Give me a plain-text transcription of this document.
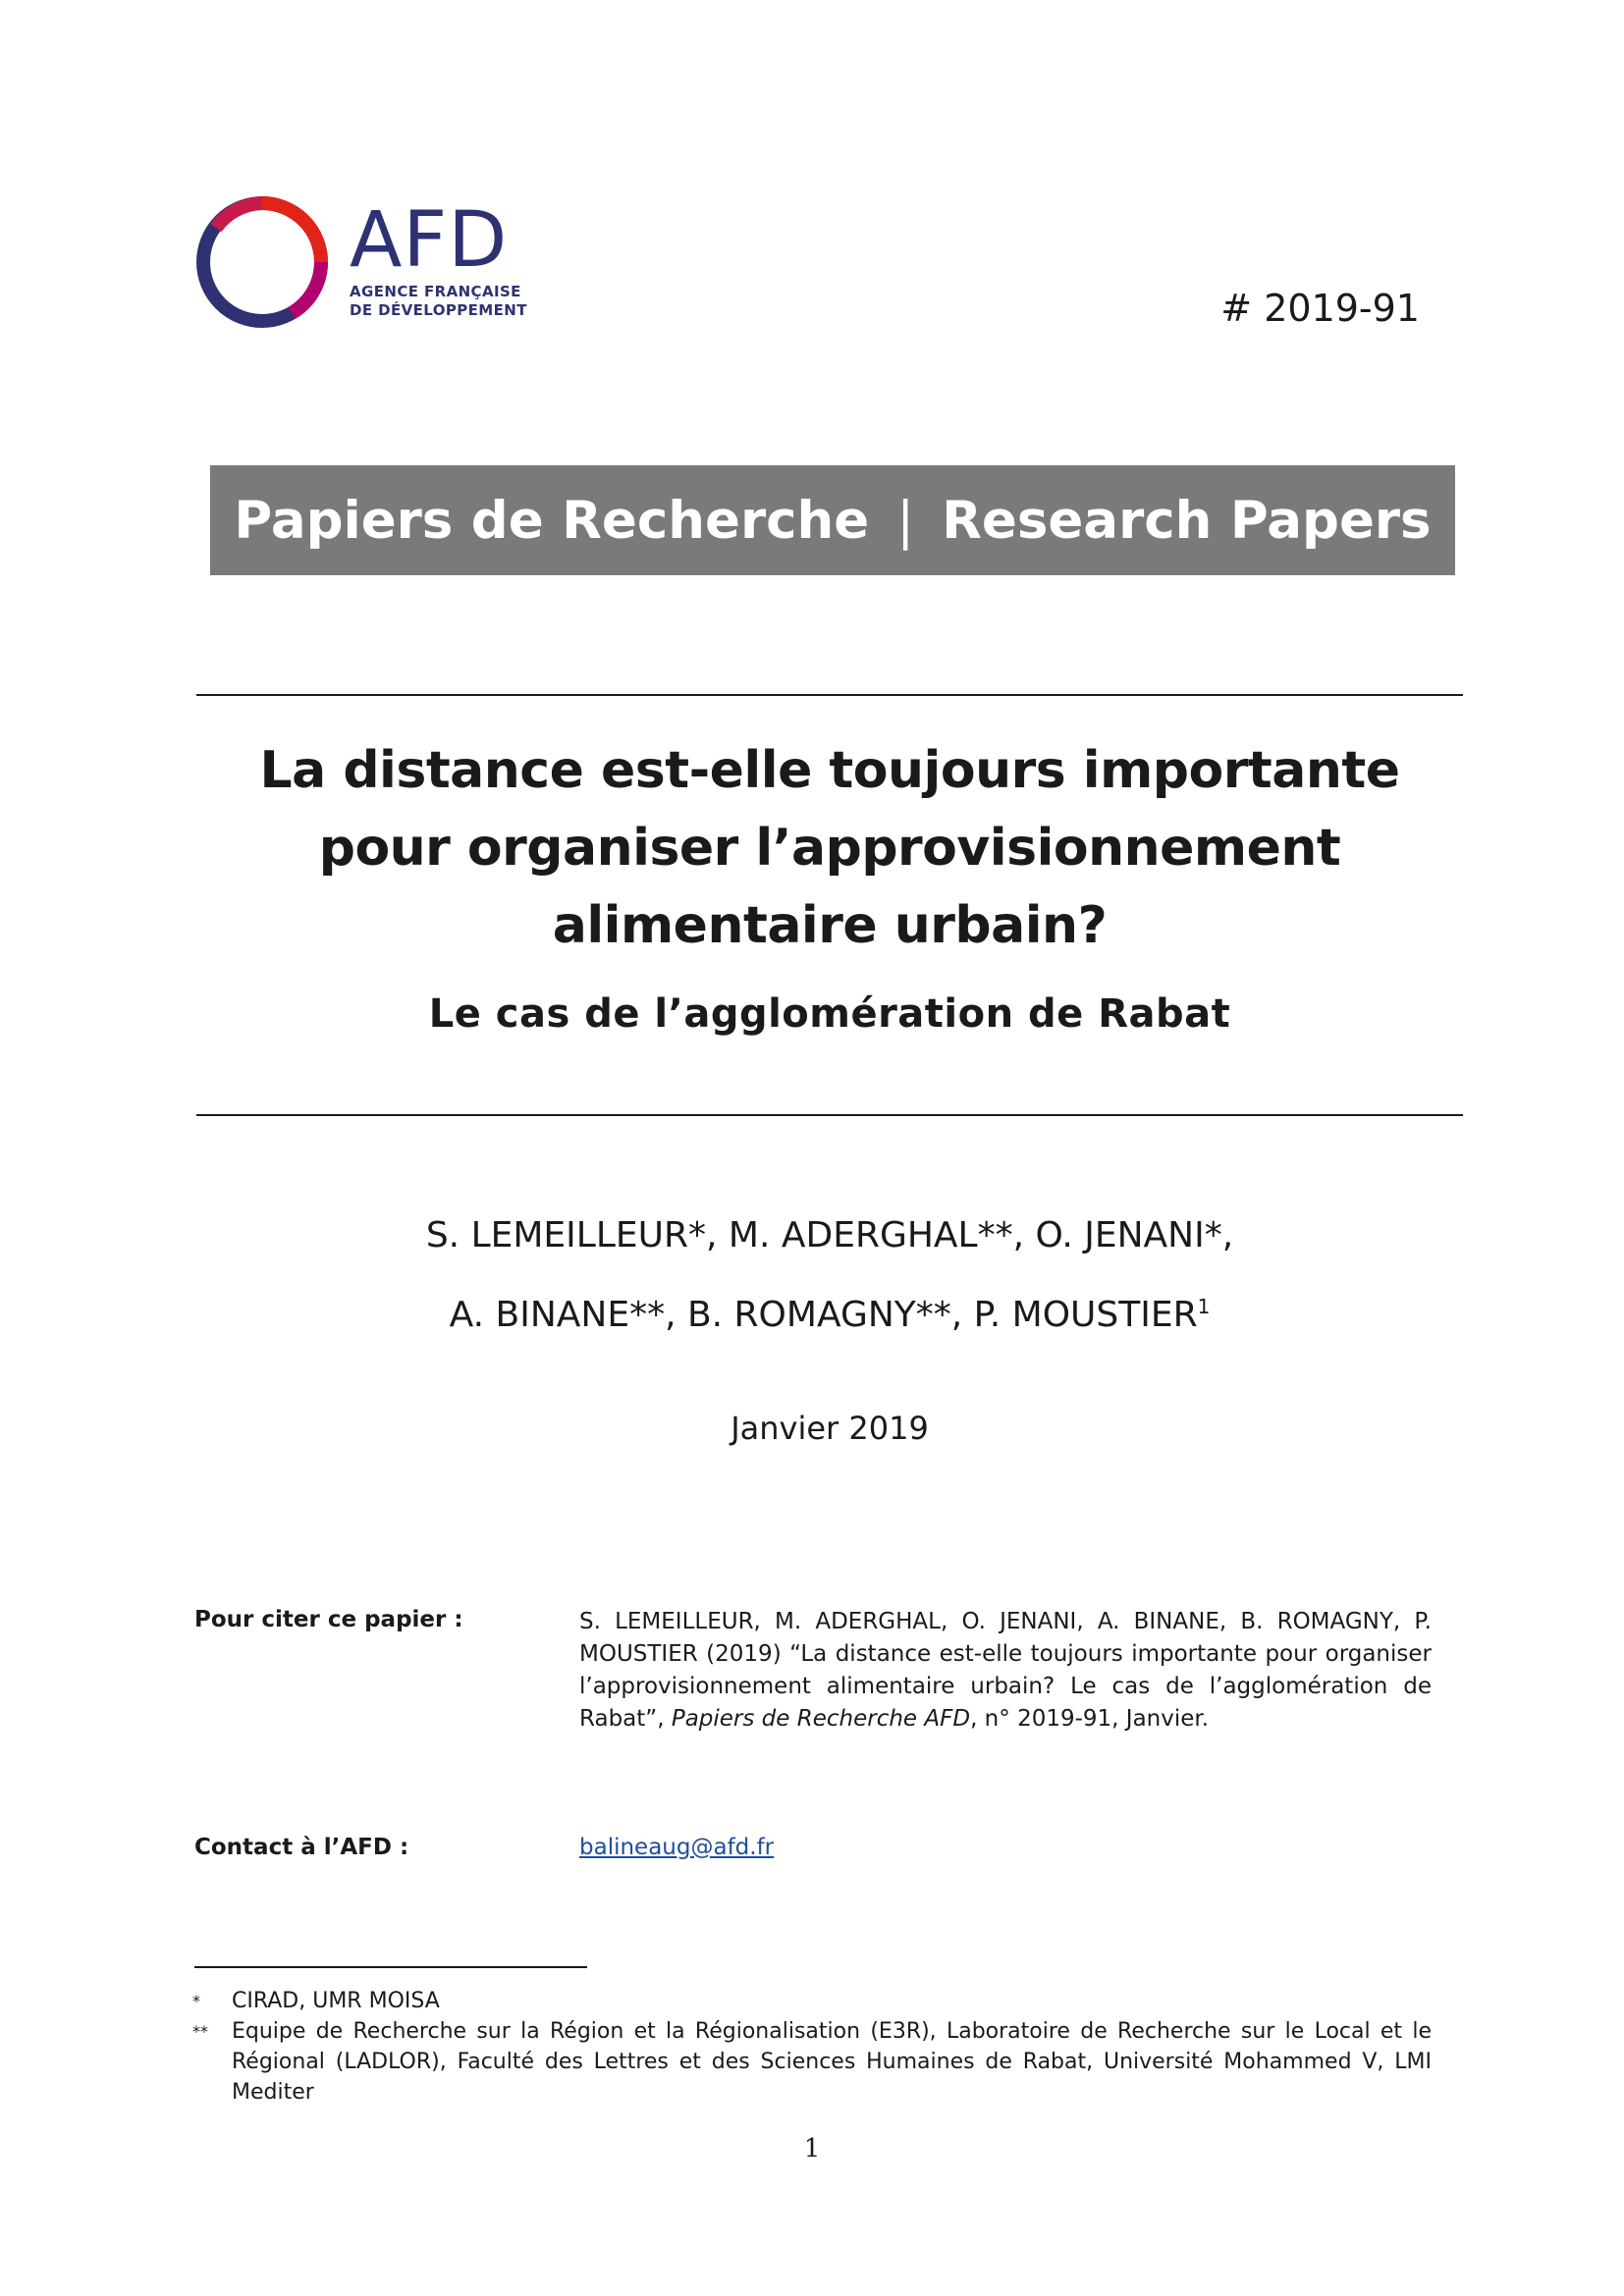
AFD
AGENCE FRANÇAISE
DE DÉVELOPPEMENT	# 2019-91
Papiers de Recherche | Research Papers
La distance est-elle toujours importante
pour organiser l’approvisionnement
alimentaire urbain?
Le cas de l’agglomération de Rabat
S. LEMEILLEUR*, M. ADERGHAL**, O. JENANI*,
A. BINANE**, B. ROMAGNY**, P. MOUSTIER$^1$
Janvier 2019
Pour citer ce papier :	S. LEMEILLEUR, M. ADERGHAL, O. JENANI, A. BINANE, B. ROMAGNY, P. MOUSTIER (2019) “La distance est-elle toujours importante pour organiser l’approvisionnement alimentaire urbain? Le cas de l’agglomération de Rabat”, Papiers de Recherche AFD, n° 2019-91, Janvier.
Contact à l’AFD :	balineaug@afd.fr
* CIRAD, UMR MOISA
** Equipe de Recherche sur la Région et la Régionalisation (E3R), Laboratoire de Recherche sur le Local et le Régional (LADLOR), Faculté des Lettres et des Sciences Humaines de Rabat, Université Mohammed V, LMI Mediter
1
